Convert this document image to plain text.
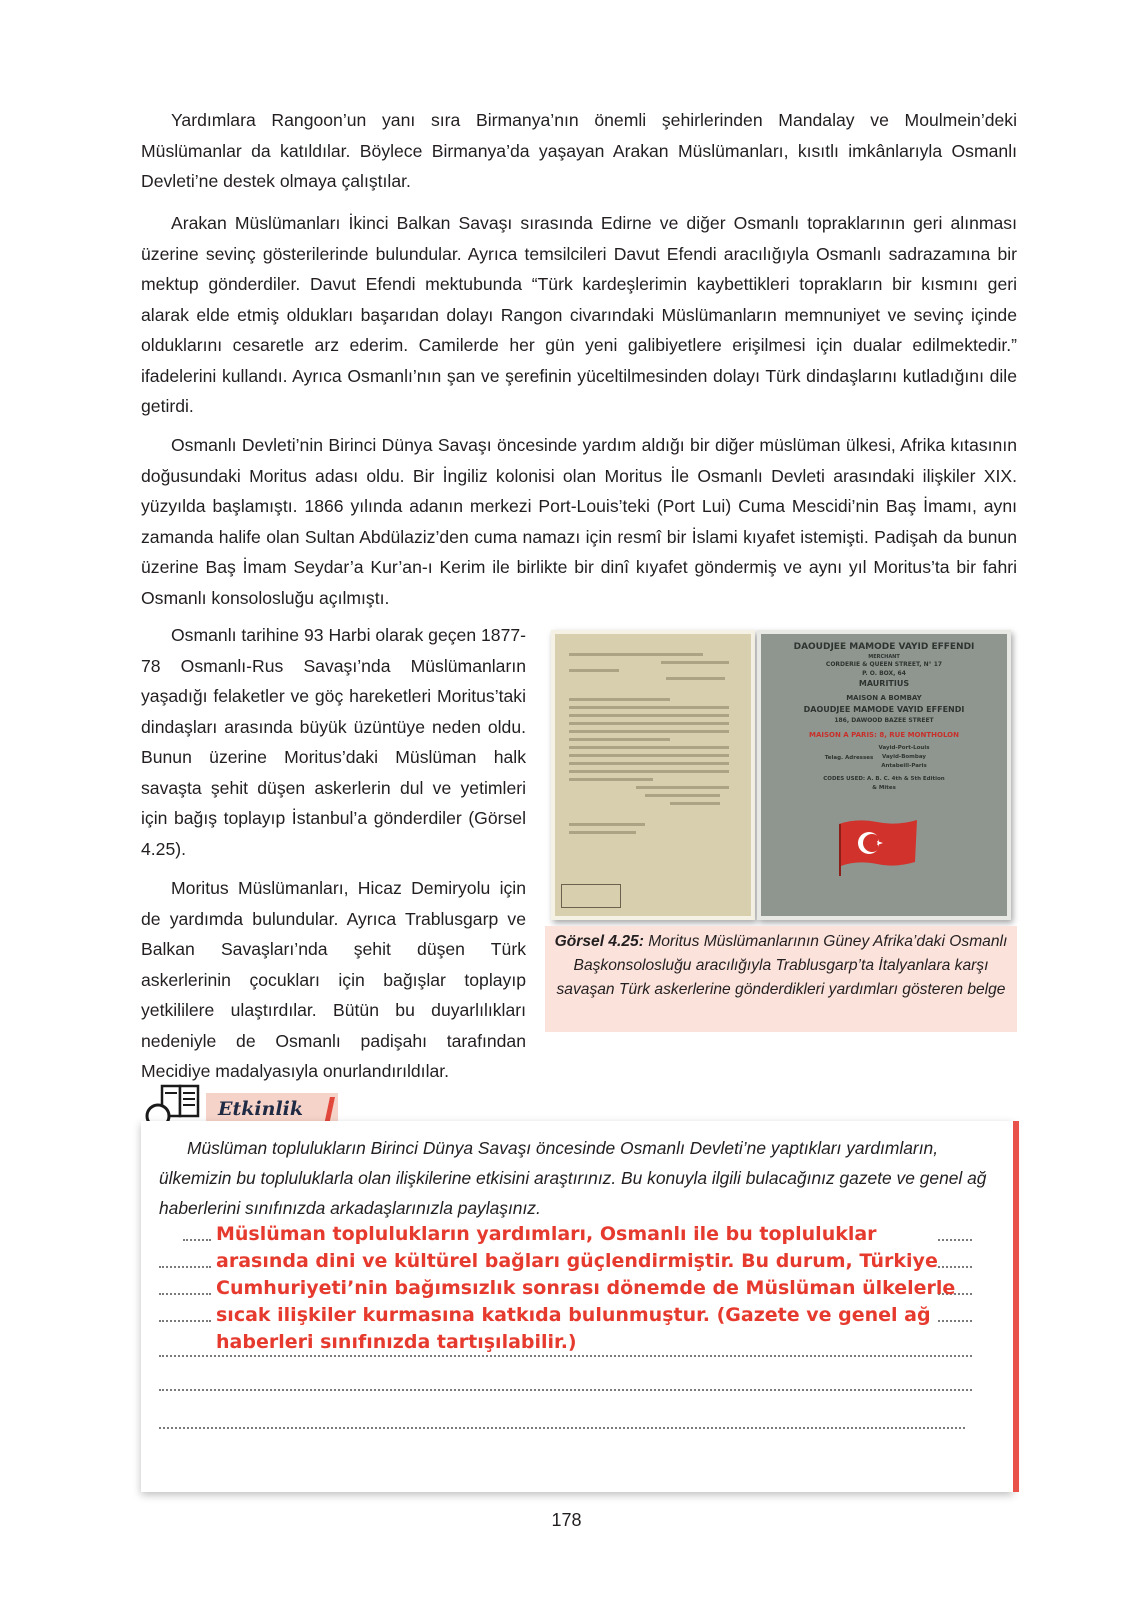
Yardımlara Rangoon’un yanı sıra Birmanya’nın önemli şehirlerinden Mandalay ve Moulmein’deki Müslümanlar da katıldılar. Böylece Birmanya’da yaşayan Arakan Müslümanları, kısıtlı imkânlarıyla Osmanlı Devleti’ne destek olmaya çalıştılar.

Arakan Müslümanları İkinci Balkan Savaşı sırasında Edirne ve diğer Osmanlı topraklarının geri alınması üzerine sevinç gösterilerinde bulundular. Ayrıca temsilcileri Davut Efendi aracılığıyla Osmanlı sadrazamına bir mektup gönderdiler. Davut Efendi mektubunda “Türk kardeşlerimin kaybettikleri toprakların bir kısmını geri alarak elde etmiş oldukları başarıdan dolayı Rangon civarındaki Müslümanların memnuniyet ve sevinç içinde olduklarını cesaretle arz ederim. Camilerde her gün yeni galibiyetlere erişilmesi için dualar edilmektedir.” ifadelerini kullandı. Ayrıca Osmanlı’nın şan ve şerefinin yüceltilmesinden dolayı Türk dindaşlarını kutladığını dile getirdi.

Osmanlı Devleti’nin Birinci Dünya Savaşı öncesinde yardım aldığı bir diğer müslüman ülkesi, Afrika kıtasının doğusundaki Moritus adası oldu. Bir İngiliz kolonisi olan Moritus İle Osmanlı Devleti arasındaki ilişkiler XIX. yüzyılda başlamıştı. 1866 yılında adanın merkezi Port-Louis’teki (Port Lui) Cuma Mescidi’nin Baş İmamı, aynı zamanda halife olan Sultan Abdülaziz’den cuma namazı için resmî bir İslami kıyafet istemişti. Padişah da bunun üzerine Baş İmam Seydar’a Kur’an-ı Kerim ile birlikte bir dinî kıyafet göndermiş ve aynı yıl Moritus’ta bir fahri Osmanlı konsolosluğu açılmıştı.

Osmanlı tarihine 93 Harbi olarak geçen 1877-78 Osmanlı-Rus Savaşı’nda Müslümanların yaşadığı felaketler ve göç hareketleri Moritus’taki dindaşları arasında büyük üzüntüye neden oldu. Bunun üzerine Moritus’daki Müslüman halk savaşta şehit düşen askerlerin dul ve yetimleri için bağış toplayıp İstanbul’a gönderdiler (Görsel 4.25).

Moritus Müslümanları, Hicaz Demiryolu için de yardımda bulundular. Ayrıca Trablusgarp ve Balkan Savaşları’nda şehit düşen Türk askerlerinin çocukları için bağışlar toplayıp yetkililere ulaştırdılar. Bütün bu duyarlılıkları nedeniyle de Osmanlı padişahı tarafından Mecidiye madalyasıyla onurlandırıldılar.

DAOUDJEE MAMODE VAYID EFFENDI
MERCHANT
CORDERIE & QUEEN STREET, N° 17
P. O. BOX, 64
MAURITIUS
MAISON A BOMBAY
DAOUDJEE MAMODE VAYID EFFENDI
186, DAWOOD BAZEE STREET
MAISON A PARIS: 8, RUE MONTHOLON
Telag. Adresses
Vayid-Port-Louis
Vayid-Bombay
Antabeill-Paris
CODES USED: A. B. C. 4th & 5th Edition
& Mites
Görsel 4.25: Moritus Müslümanlarının Güney Afrika’daki Osmanlı Başkonsolosluğu aracılığıyla Trablusgarp’ta İtalyanlara karşı savaşan Türk askerlerine gönderdikleri yardımları gösteren belge
Etkinlik

Müslüman toplulukların Birinci Dünya Savaşı öncesinde Osmanlı Devleti’ne yaptıkları yardımların, ülkemizin bu topluluklarla olan ilişkilerine etkisini araştırınız. Bu konuyla ilgili bulacağınız gazete ve genel ağ haberlerini sınıfınızda arkadaşlarınızla paylaşınız.

Müslüman toplulukların yardımları, Osmanlı ile bu topluluklar arasında dini ve kültürel bağları güçlendirmiştir. Bu durum, Türkiye Cumhuriyeti’nin bağımsızlık sonrası dönemde de Müslüman ülkelerle sıcak ilişkiler kurmasına katkıda bulunmuştur. (Gazete ve genel ağ haberleri sınıfınızda tartışılabilir.)

178
